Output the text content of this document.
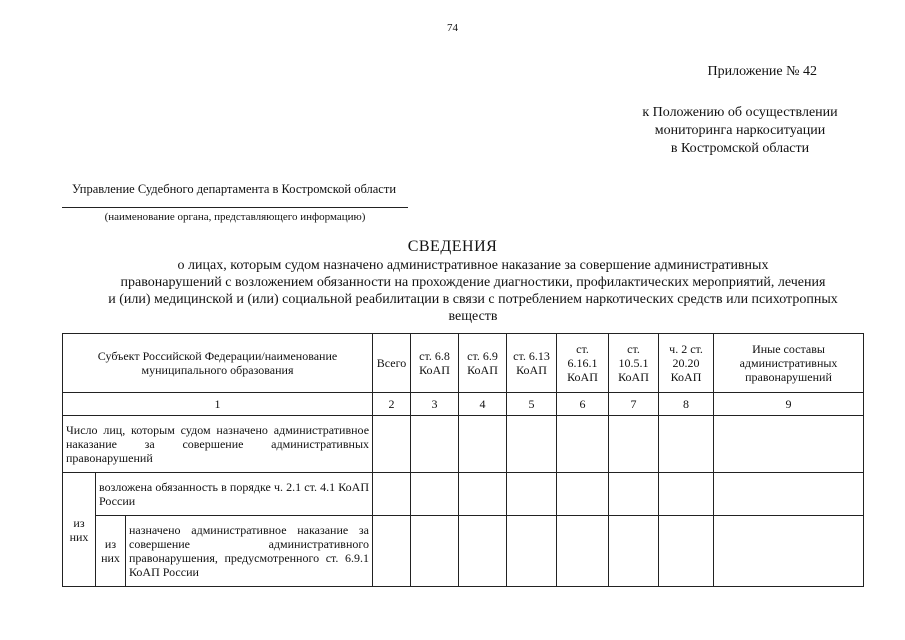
74
Приложение № 42
к Положению об осуществлении
мониторинга наркоситуации
в Костромской области
Управление Судебного департамента в Костромской области
(наименование органа, представляющего информацию)
СВЕДЕНИЯ
о лицах, которым судом назначено административное наказание за совершение административных
правонарушений с возложением обязанности на прохождение диагностики, профилактических мероприятий, лечения
и (или) медицинской и (или) социальной реабилитации в связи с потреблением наркотических средств или психотропных
веществ
Субъект Российской Федерации/наименование муниципального образования			Всего	ст. 6.8 КоАП	ст. 6.9 КоАП	ст. 6.13 КоАП	ст. 6.16.1 КоАП	ст. 10.5.1 КоАП	ч. 2 ст. 20.20 КоАП	Иные составы административных правонарушений
1			2	3	4	5	6	7	8	9
Число лиц, которым судом назначено административное наказание за совершение административных правонарушений										
из них	возложена обязанность в порядке ч. 2.1 ст. 4.1 КоАП России									
	из них	назначено административное наказание за совершение административного правонарушения, предусмотренного ст. 6.9.1 КоАП России								
